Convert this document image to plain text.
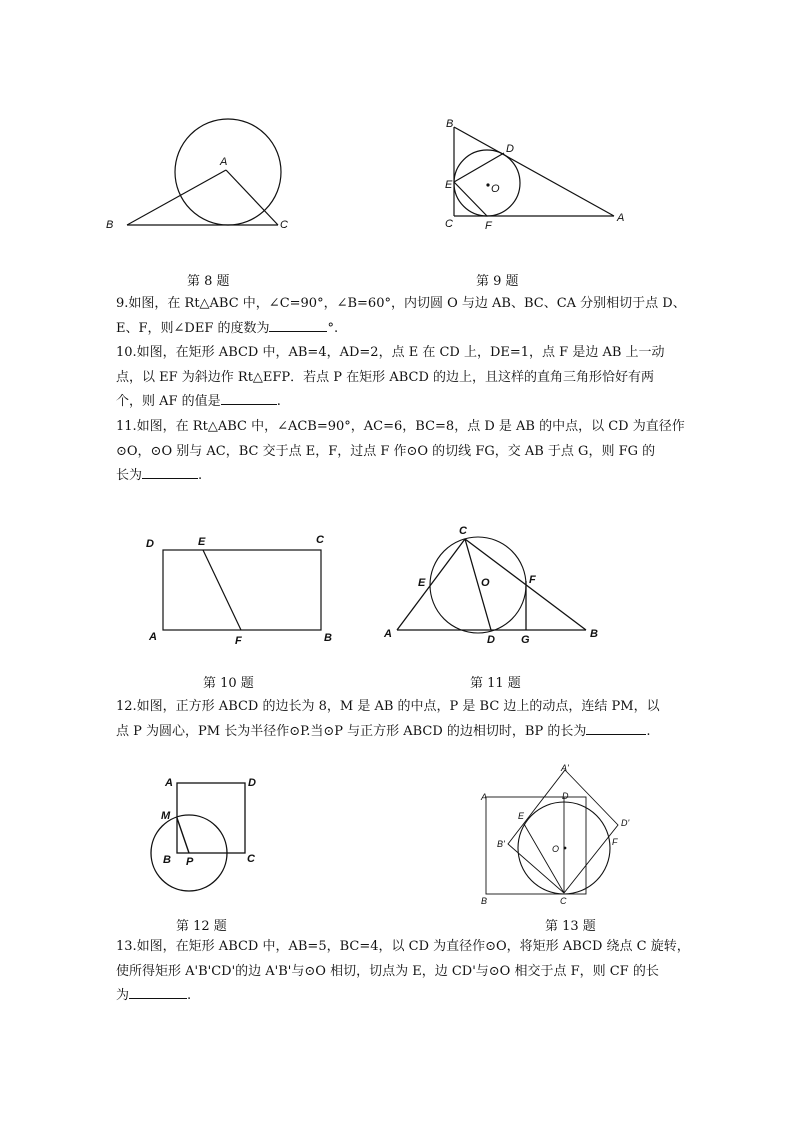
A
B	C
第 8 题
B
D
E	O
C	F
A
第 9 题
9.如图，在 Rt△ABC 中，∠C=90°，∠B=60°，内切圆 O 与边 AB、BC、CA 分别相切于点 D、
E、F，则∠DEF 的度数为	°.
10.如图，在矩形 ABCD 中，AB=4，AD=2，点 E 在 CD 上，DE=1，点 F 是边 AB 上一动
点，以 EF 为斜边作 Rt△EFP．若点 P 在矩形 ABCD 的边上，且这样的直角三角形恰好有两
个，则 AF 的值是	.
11.如图，在 Rt△ABC 中，∠ACB=90°，AC=6，BC=8，点 D 是 AB 的中点，以 CD 为直径作
⊙O，⊙O 别与 AC，BC 交于点 E，F，过点 F 作⊙O 的切线 FG，交 AB 于点 G，则 FG 的
长为	.
D	E	C
A	F	B
第 10 题
C
E	O	F
A	D G	B
第 11 题
12.如图，正方形 ABCD 的边长为 8，M 是 AB 的中点，P 是 BC 边上的动点，连结 PM，以
点 P 为圆心，PM 长为半径作⊙P.当⊙P 与正方形 ABCD 的边相切时，BP 的长为	.
A	D
M
B P	C
第 12 题
A'
A	D
E
D'
B'	F
O
B	C
第 13 题
13.如图，在矩形 ABCD 中，AB=5，BC=4，以 CD 为直径作⊙O，将矩形 ABCD 绕点 C 旋转，
使所得矩形 A'B'CD'的边 A'B'与⊙O 相切，切点为 E，边 CD'与⊙O 相交于点 F，则 CF 的长
为	.
